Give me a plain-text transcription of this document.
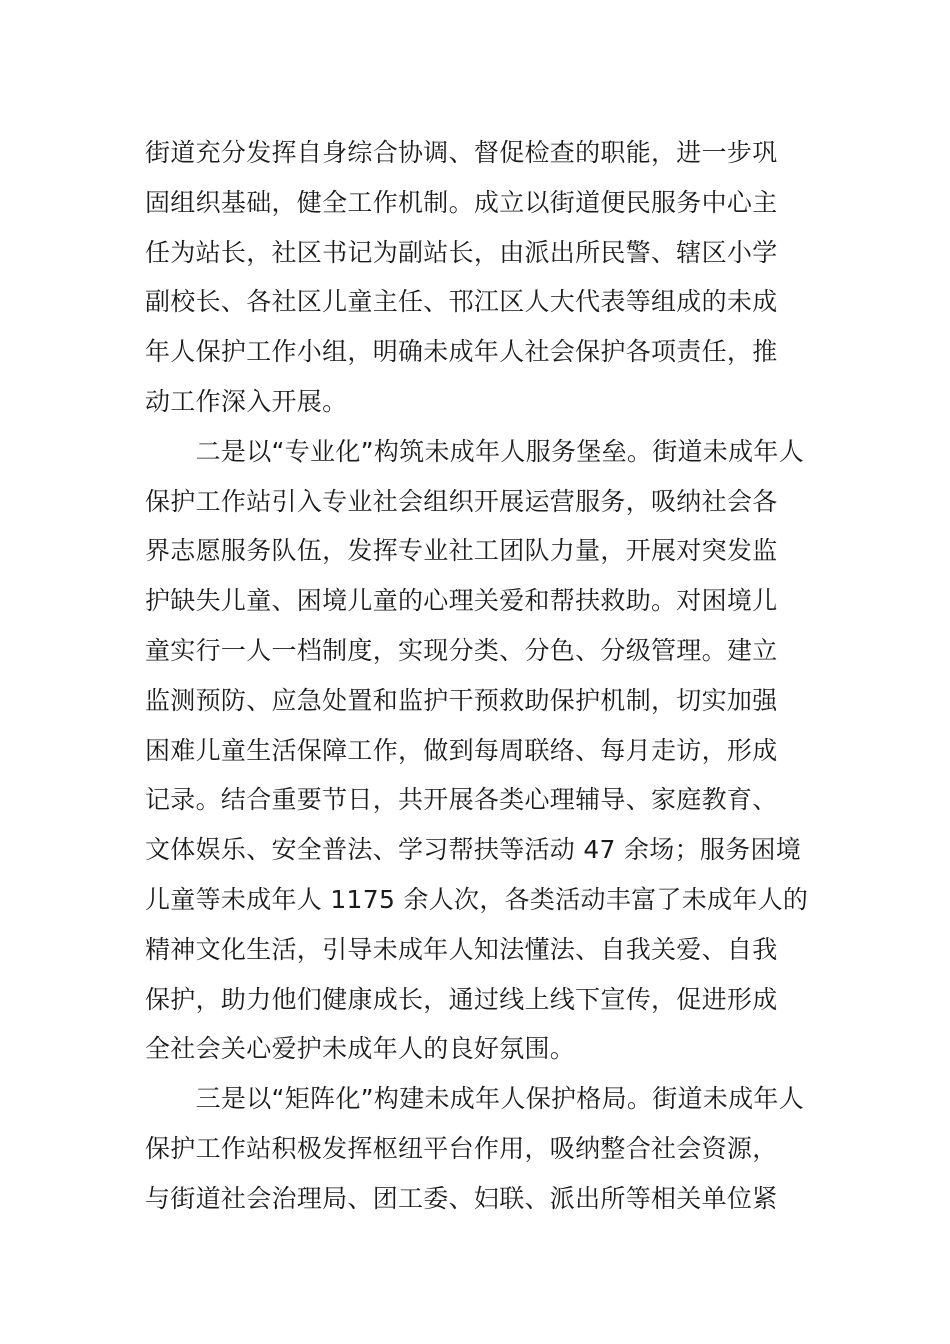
街道充分发挥自身综合协调、督促检查的职能，进一步巩
固组织基础，健全工作机制。成立以街道便民服务中心主
任为站长，社区书记为副站长，由派出所民警、辖区小学
副校长、各社区儿童主任、邗江区人大代表等组成的未成
年人保护工作小组，明确未成年人社会保护各项责任，推
动工作深入开展。
　　二是以“专业化”构筑未成年人服务堡垒。街道未成年人
保护工作站引入专业社会组织开展运营服务，吸纳社会各
界志愿服务队伍，发挥专业社工团队力量，开展对突发监
护缺失儿童、困境儿童的心理关爱和帮扶救助。对困境儿
童实行一人一档制度，实现分类、分色、分级管理。建立
监测预防、应急处置和监护干预救助保护机制，切实加强
困难儿童生活保障工作，做到每周联络、每月走访，形成
记录。结合重要节日，共开展各类心理辅导、家庭教育、
文体娱乐、安全普法、学习帮扶等活动 47 余场；服务困境
儿童等未成年人 1175 余人次，各类活动丰富了未成年人的
精神文化生活，引导未成年人知法懂法、自我关爱、自我
保护，助力他们健康成长，通过线上线下宣传，促进形成
全社会关心爱护未成年人的良好氛围。
　　三是以“矩阵化”构建未成年人保护格局。街道未成年人
保护工作站积极发挥枢纽平台作用，吸纳整合社会资源，
与街道社会治理局、团工委、妇联、派出所等相关单位紧
